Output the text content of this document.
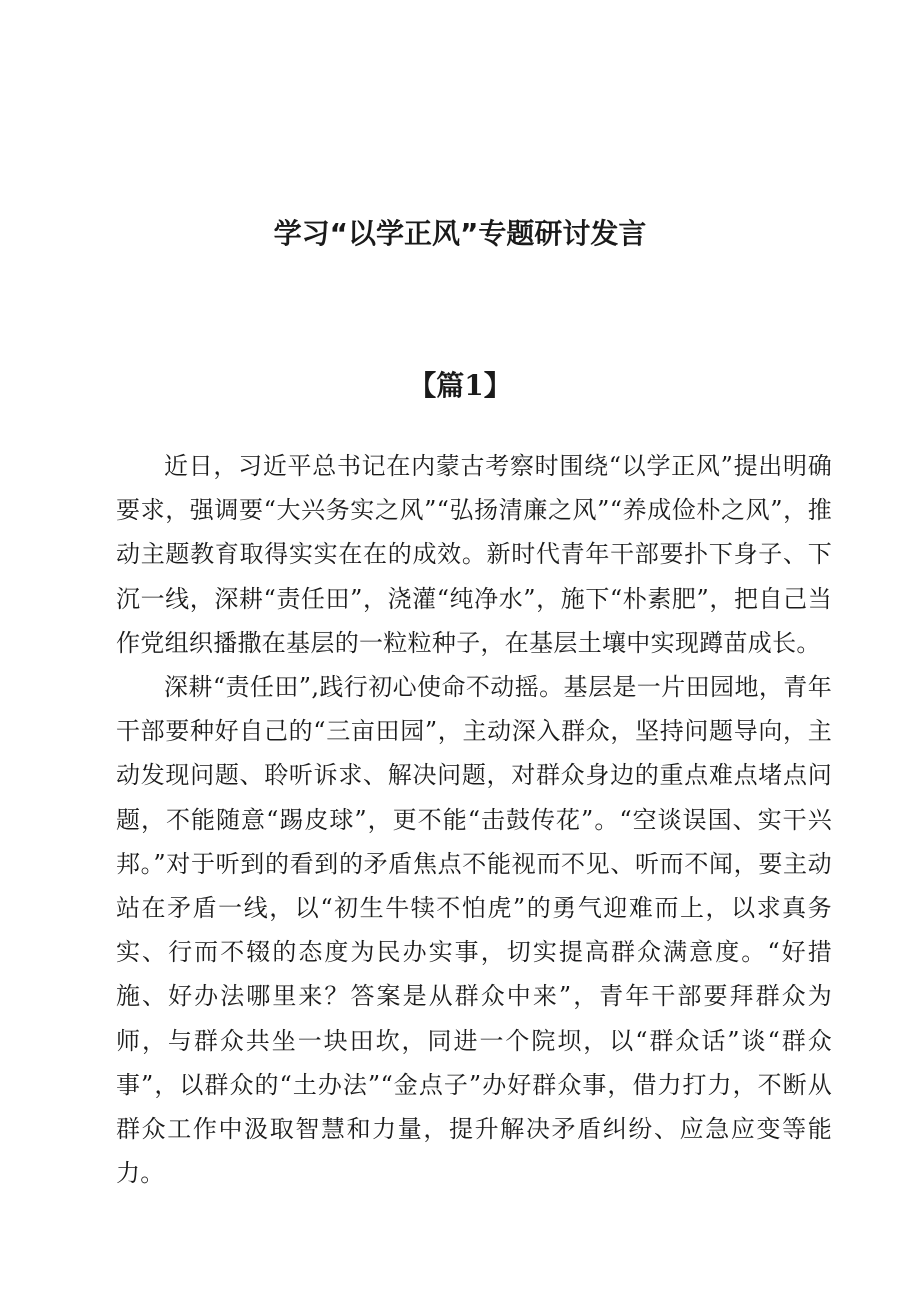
学习“以学正风”专题研讨发言
【篇1】

近日，习近平总书记在内蒙古考察时围绕“以学正风”提出明确要求，强调要“大兴务实之风”“弘扬清廉之风”“养成俭朴之风”，推动主题教育取得实实在在的成效。新时代青年干部要扑下身子、下沉一线，深耕“责任田”，浇灌“纯净水”，施下“朴素肥”，把自己当作党组织播撒在基层的一粒粒种子，在基层土壤中实现蹲苗成长。

深耕“责任田”,践行初心使命不动摇。基层是一片田园地，青年干部要种好自己的“三亩田园”，主动深入群众，坚持问题导向，主动发现问题、聆听诉求、解决问题，对群众身边的重点难点堵点问题，不能随意“踢皮球”，更不能“击鼓传花”。“空谈误国、实干兴邦。”对于听到的看到的矛盾焦点不能视而不见、听而不闻，要主动站在矛盾一线，以“初生牛犊不怕虎”的勇气迎难而上，以求真务实、行而不辍的态度为民办实事，切实提高群众满意度。“好措施、好办法哪里来？答案是从群众中来”，青年干部要拜群众为师，与群众共坐一块田坎，同进一个院坝，以“群众话”谈“群众事”，以群众的“土办法”“金点子”办好群众事，借力打力，不断从群众工作中汲取智慧和力量，提升解决矛盾纠纷、应急应变等能力。
